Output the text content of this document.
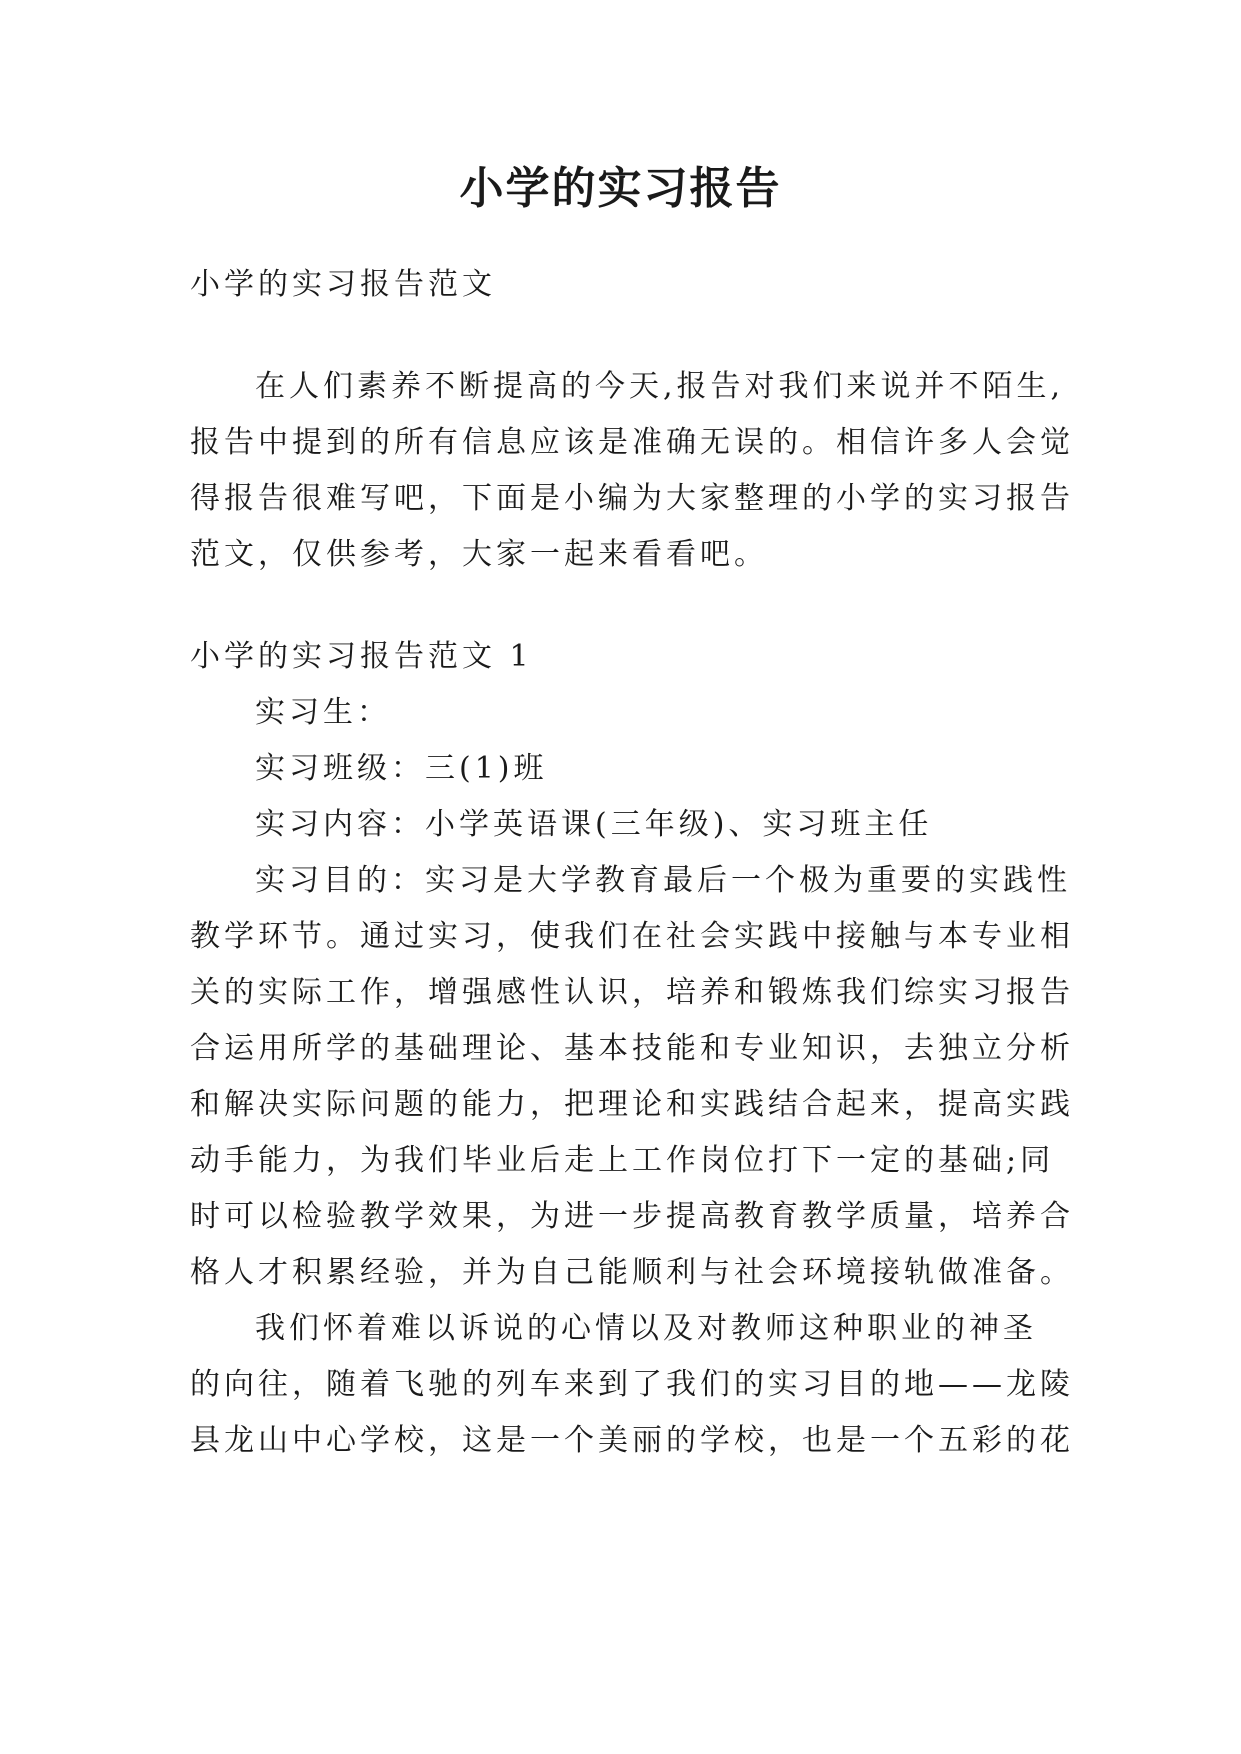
小学的实习报告

小学的实习报告范文

在人们素养不断提高的今天,报告对我们来说并不陌生,

报告中提到的所有信息应该是准确无误的。相信许多人会觉

得报告很难写吧，下面是小编为大家整理的小学的实习报告

范文，仅供参考，大家一起来看看吧。

小学的实习报告范文 1

实习生：

实习班级：三(1)班

实习内容：小学英语课(三年级)、实习班主任

实习目的：实习是大学教育最后一个极为重要的实践性

教学环节。通过实习，使我们在社会实践中接触与本专业相

关的实际工作，增强感性认识，培养和锻炼我们综实习报告

合运用所学的基础理论、基本技能和专业知识，去独立分析

和解决实际问题的能力，把理论和实践结合起来，提高实践

动手能力，为我们毕业后走上工作岗位打下一定的基础;同

时可以检验教学效果，为进一步提高教育教学质量，培养合

格人才积累经验，并为自己能顺利与社会环境接轨做准备。

我们怀着难以诉说的心情以及对教师这种职业的神圣

的向往，随着飞驰的列车来到了我们的实习目的地——龙陵

县龙山中心学校，这是一个美丽的学校，也是一个五彩的花
